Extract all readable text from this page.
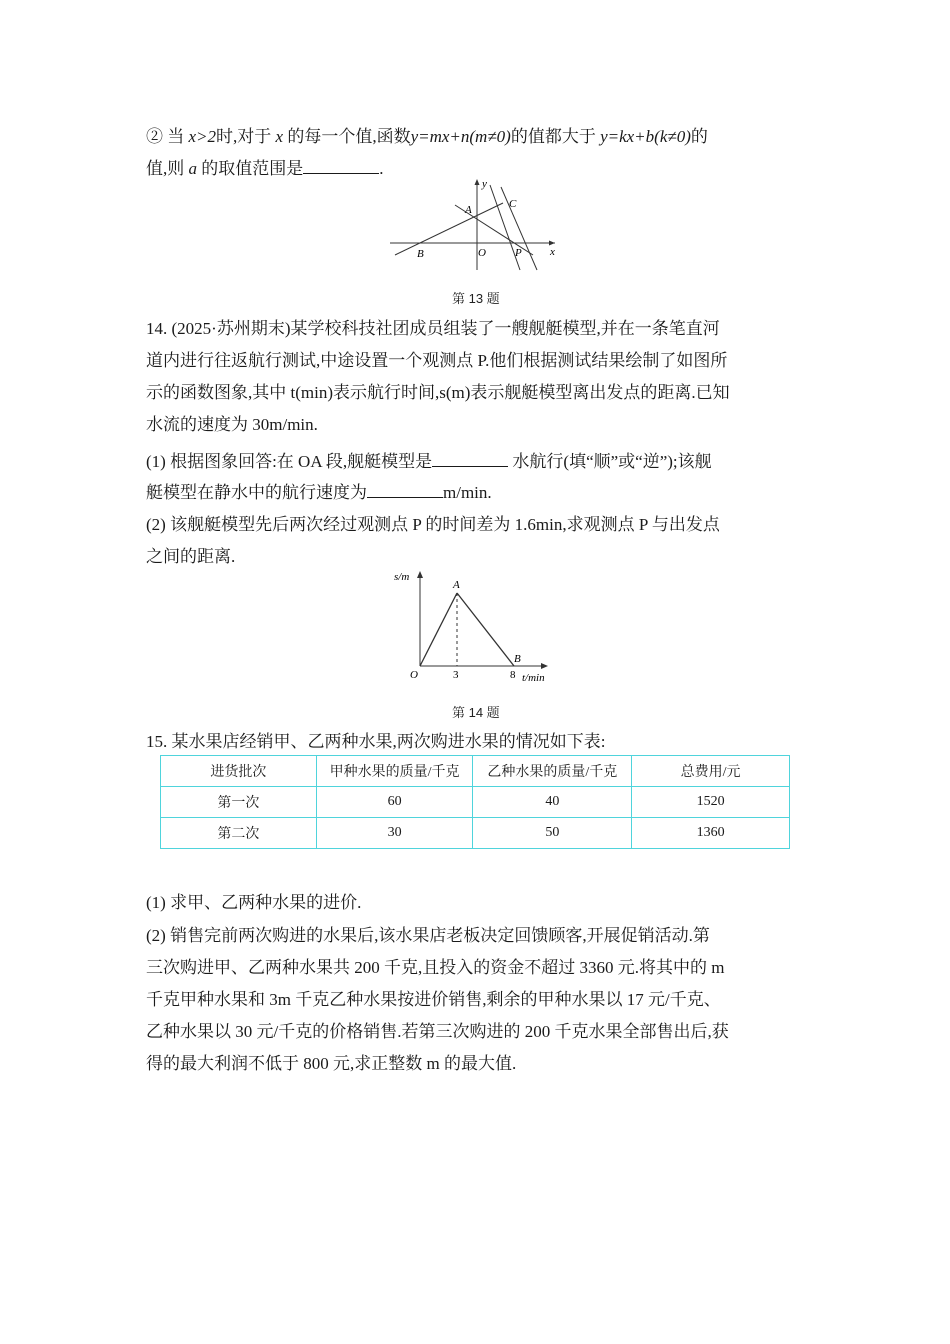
② 当 x>2时,对于 x 的每一个值,函数y=mx+n(m≠0)的值都大于 y=kx+b(k≠0)的
值,则 a 的取值范围是	.
y
x
A	C
B	O	P
第 13 题
14. (2025·苏州期末)某学校科技社团成员组装了一艘舰艇模型,并在一条笔直河
道内进行往返航行测试,中途设置一个观测点 P.他们根据测试结果绘制了如图所
示的函数图象,其中 t(min)表示航行时间,s(m)表示舰艇模型离出发点的距离.已知
水流的速度为 30m/min.
(1) 根据图象回答:在 OA 段,舰艇模型是	水航行(填“顺”或“逆”);该舰
艇模型在静水中的航行速度为	m/min.
(2) 该舰艇模型先后两次经过观测点 P 的时间差为 1.6min,求观测点 P 与出发点
之间的距离.
s/m
A
B
O	3	8 t/min
第 14 题
15. 某水果店经销甲、乙两种水果,两次购进水果的情况如下表:
进货批次	甲种水果的质量/千克	乙种水果的质量/千克	总费用/元
第一次	60	40	1520
第二次	30	50	1360
(1) 求甲、乙两种水果的进价.
(2) 销售完前两次购进的水果后,该水果店老板决定回馈顾客,开展促销活动.第
三次购进甲、乙两种水果共 200 千克,且投入的资金不超过 3360 元.将其中的 m
千克甲种水果和 3m 千克乙种水果按进价销售,剩余的甲种水果以 17 元/千克、
乙种水果以 30 元/千克的价格销售.若第三次购进的 200 千克水果全部售出后,获
得的最大利润不低于 800 元,求正整数 m 的最大值.
